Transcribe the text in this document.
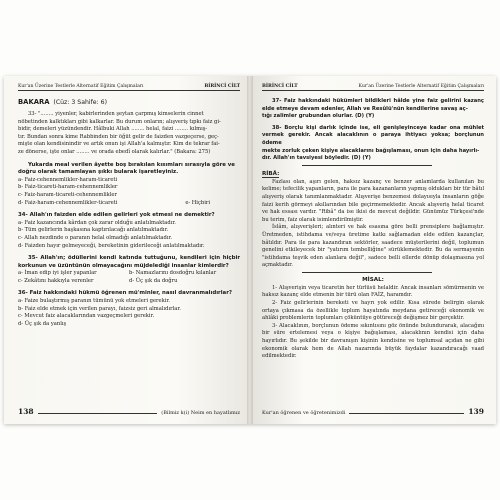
Kur'an Üzerine Testlerle Alternatif Eğitim Çalışmaları	BİRİNCİ CİLT
BAKARA (Cüz: 3 Sahife: 6)
33- "........ yiyenler, kabirlerinden şeytan çarpmış kimselerin cinnet
nöbetinden kalktıkları gibi kalkarlar. Bu durum onların; alışveriş tıpkı faiz gi-
bidir, demeleri yüzündendir. Hâlbuki Allah ........ helal, faizi ........ kılmış-
tır. Bundan sonra kime Rabbinden bir öğüt gelir de faizden vazgeçerse, geç-
mişte olan kendisinindir ve artık onun işi Allah'a kalmıştır. Kim de tekrar fai-
ze dönerse, işte onlar ........ ve orada ebedî olarak kalırlar." (Bakara: 275)
Yukarda meal verilen âyette boş bırakılan kısımları sırasıyla göre ve doğru olarak tamamlayan şıkkı bularak işaretleyiniz.
a- Faiz-cehennemlikler-haram-ticareti
b- Faiz-ticareti-haram-cehennemlikler
c- Faiz-haram-ticareti-cehennemlikler
d- Faiz-haram-cehennemlikler-ticareti	e- Hiçbiri
34- Allah'ın faizden elde edilen gelirleri yok etmesi ne demektir?
a- Faiz kazancında kârdan çok zarar olduğu anlatılmaktadır.
b- Tüm gelirlerin başkasına kaptırılacağı anlatılmaktadır.
c- Allah nezdinde o paranın helal olmadığı anlatılmaktadır.
d- Faizden hayır gelmeyeceği, bereketinin giderileceği anlatılmaktadır.
35- Allah'ın; ödüllerini kendi katında tuttuğunu, kendileri için hiçbir korkunun ve üzüntünün olmayacağını müjdelediği insanlar kimlerdir?
a- İman edip iyi işler yapanlar	b- Namazlarını dosdoğru kılanlar
c- Zekâtını hakkıyla verenler	d- Üç şık da doğru
36- Faiz hakkındaki hükmü öğrenen mü'minler, nasıl davranmalıdırlar?
a- Faize bulaştırmış paranın tümünü yok etmeleri gerekir.
b- Faiz elde etmek için verilen parayı, faizsiz geri almalıdırlar.
c- Mevcut faiz alacaklarından vazgeçmeleri gerekir.
d- Üç şık da yanlış
138	(Bilmiz k(i) Neim en hayatlımız
BİRİNCİ CİLT	Kur'an Üzerine Testlerle Alternatif Eğitim Çalışmaları
37- Faiz hakkındaki hükümleri bildikleri hâlde yine faiz gelirini kazanç elde etmeye devam edenler, Allah ve Resûlü'nün kendilerine savaş aç-
tığı zalimler grubundan olurlar. (D) (Y)
38- Borçlu kişi darlık içinde ise, eli genişleyinceye kadar ona mühlet vermek gerekir. Ancak alacaklının o paraya ihtiyacı yoksa; borçlunun ödeme
mekte zorluk çeken kişiye alacaklarını bağışlaması, onun için daha hayırlı-
dır. Allah'ın tavsiyesi böyledir. (D) (Y)
RİBÂ:

Fazlası olan, aşırı gelen, haksız kazanç ve benzer anlamlarda kullanılan bu kelime; tefecilik yapanların, para ile para kazananların yapmış oldukları bir tür bâtıl alışveriş olarak tanımlanmaktadır. Alışverişe benzemesi dolayısıyla insanların göğe faizi kerih görmeyi akıllarından bile geçirmemektedir. Ancak alışveriş helal ticaret ve hak essası vardır. "Ribâ" da ise ikisi de mevcut değildir. Günümüz Türkçesi'nde bu terim, faiz olarak isimlendirilmiştir.

İslâm, alışverişleri; alınteri ve hak esasına göre belli prensiplere bağlamıştır. Üretmeden, istihdama ve/veya üretime katkı sağlamadan elde edilen kazançlar, bâtıldır. Para ile para kazandıran sektörler, saadece müşterilerini değil, toplumun genelini etkileyecek bir "yatırım tembelliğine" sürüklemektedir. Bu da sermayenin "istihdama teşvik eden alanlara değil", sadece belli ellerde dönüp dolaşmasına yol açmaktadır.

MİSAL:

1- Alışverişin veya ticaretin her türlüsü helaldir. Ancak insanları sömürmenin ve haksız kazanç elde etmenin bir türü olan FAİZ, haramdır.

2- Faiz gelirlerinin bereketi ve hayrı yok edilir. Kısa sürede belirgin olarak ortaya çıkmasa da özellikle toplum hayatında meydana getireceği ekonomik ve ahlâki problemlerin toplumları çöküntüye götüreceği değişmez bir gerçektir.

3- Alacaklının, borçlunun ödeme sıkıntısını göz önünde bulundurarak, alacağını bir süre ertelemesi veya o kişiye bağışlaması, alacaklının kendisi için daha hayırlıdır. Bu şekilde bir davranışın kişinin kendisine ve toplumsal açıdan ne gibi ekonomik olarak hem de Allah nazarında büyük faydalar kazandıracağı vaad edilmektedir.

Kur'an öğrenen ve öğretenimizdi	139
